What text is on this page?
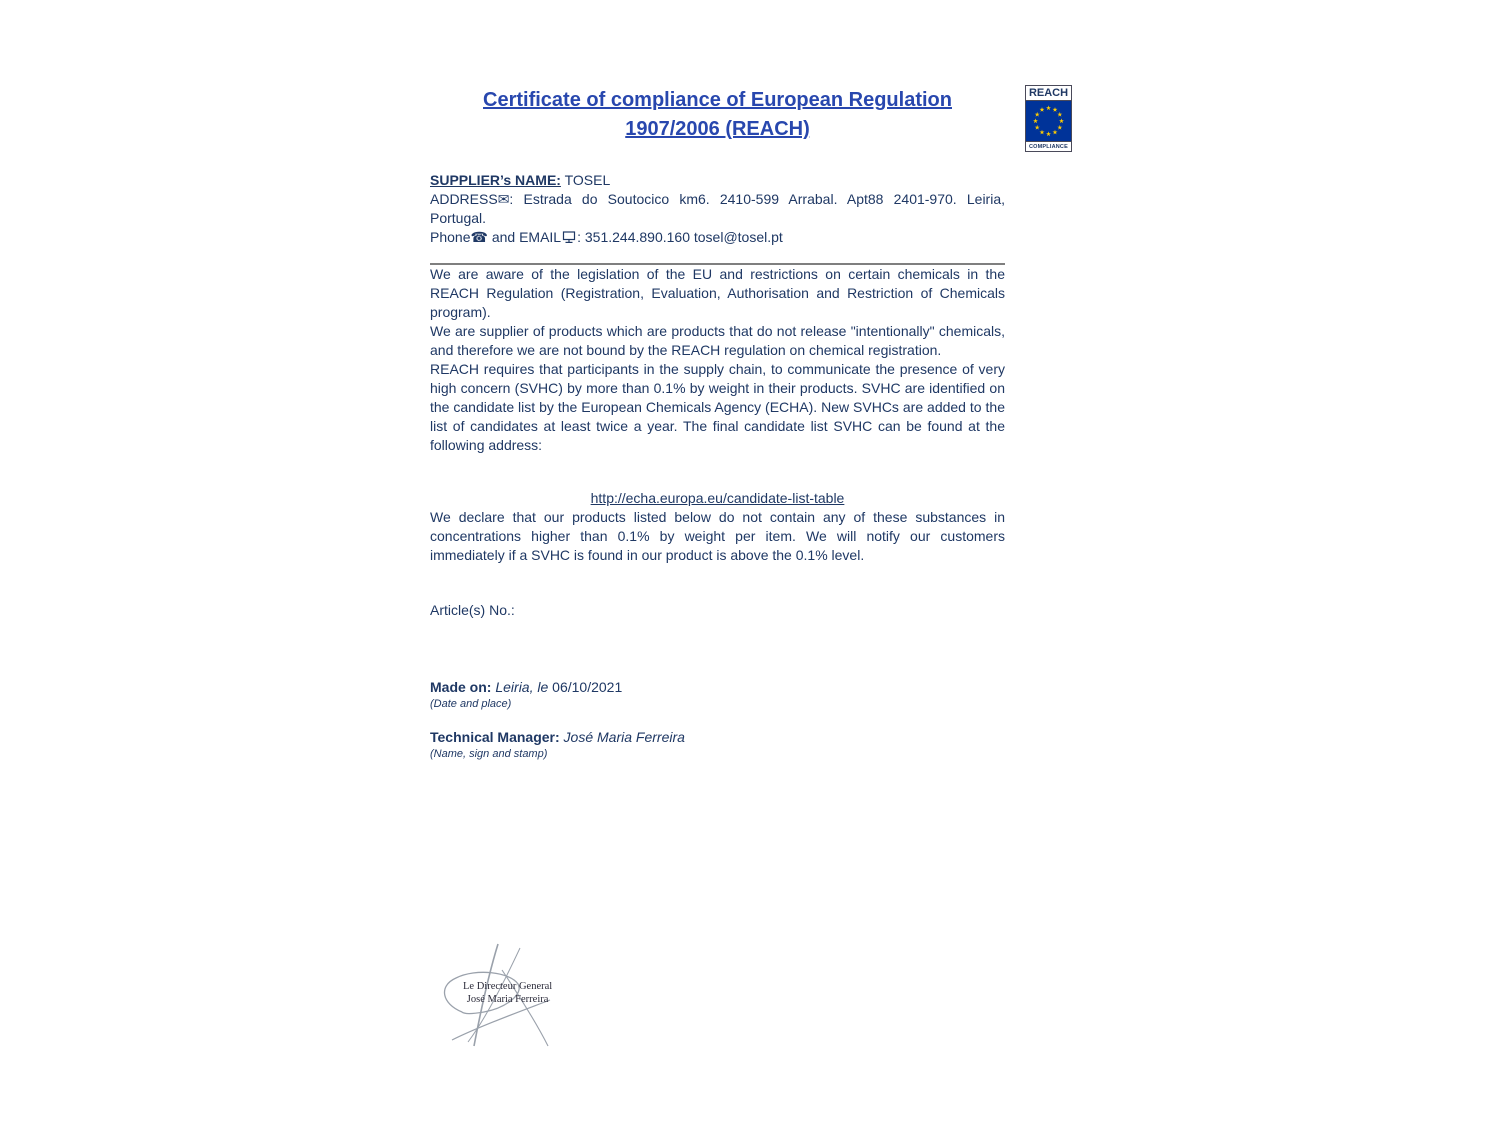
Certificate of compliance of European Regulation
1907/2006 (REACH)
SUPPLIER’s NAME: TOSEL
ADDRESS✉: Estrada do Soutocico km6. 2410-599 Arrabal. Apt88 2401-970. Leiria, Portugal.
Phone☎ and EMAIL : 351.244.890.160 tosel@tosel.pt

We are aware of the legislation of the EU and restrictions on certain chemicals in the REACH Regulation (Registration, Evaluation, Authorisation and Restriction of Chemicals program).

We are supplier of products which are products that do not release "intentionally" chemicals, and therefore we are not bound by the REACH regulation on chemical registration.

REACH requires that participants in the supply chain, to communicate the presence of very high concern (SVHC) by more than 0.1% by weight in their products. SVHC are identified on the candidate list by the European Chemicals Agency (ECHA). New SVHCs are added to the list of candidates at least twice a year. The final candidate list SVHC can be found at the following address:

http://echa.europa.eu/candidate-list-table

We declare that our products listed below do not contain any of these substances in concentrations higher than 0.1% by weight per item. We will notify our customers immediately if a SVHC is found in our product is above the 0.1% level.

Article(s) No.:

Made on: Leiria, le 06/10/2021

(Date and place)

Technical Manager: José Maria Ferreira

(Name, sign and stamp)

REACH
COMPLIANCE
Le Directeur General
José Maria Ferreira
